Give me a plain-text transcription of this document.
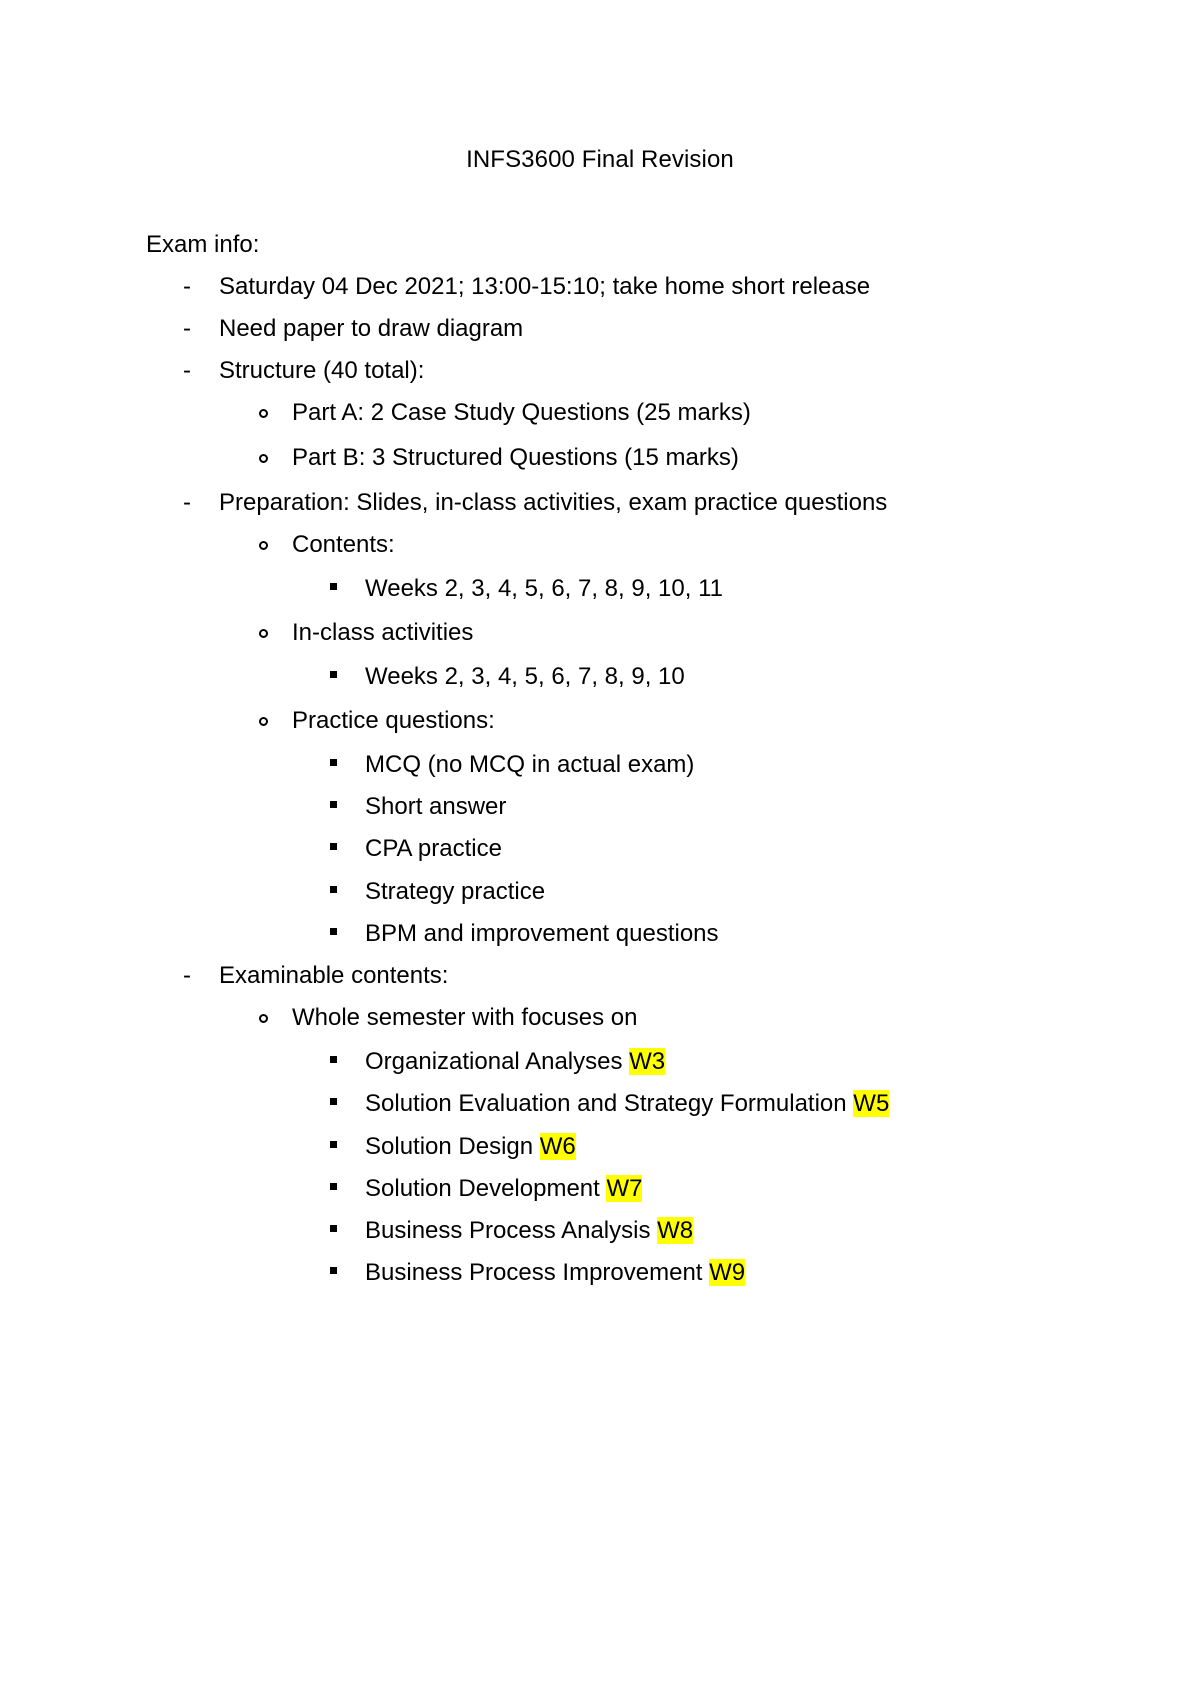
INFS3600 Final Revision
Exam info:
- Saturday 04 Dec 2021; 13:00-15:10; take home short release
- Need paper to draw diagram
- Structure (40 total):
Part A: 2 Case Study Questions (25 marks)
Part B: 3 Structured Questions (15 marks)
- Preparation: Slides, in-class activities, exam practice questions
Contents:
Weeks 2, 3, 4, 5, 6, 7, 8, 9, 10, 11
In-class activities
Weeks 2, 3, 4, 5, 6, 7, 8, 9, 10
Practice questions:
MCQ (no MCQ in actual exam)
Short answer
CPA practice
Strategy practice
BPM and improvement questions
- Examinable contents:
Whole semester with focuses on
Organizational Analyses W3
Solution Evaluation and Strategy Formulation W5
Solution Design W6
Solution Development W7
Business Process Analysis W8
Business Process Improvement W9
